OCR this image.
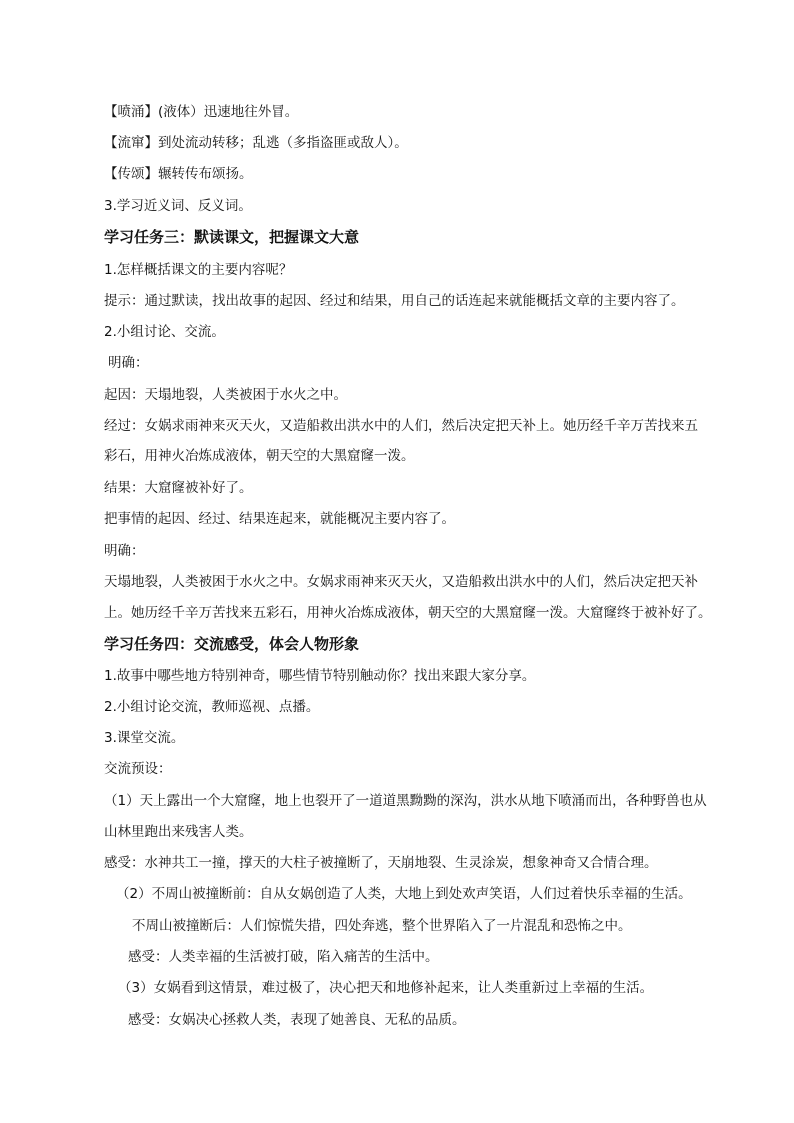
【喷涌】(液体）迅速地往外冒。
【流窜】到处流动转移；乱逃（多指盗匪或敌人）。
【传颂】辗转传布颂扬。
3.学习近义词、反义词。
学习任务三：默读课文，把握课文大意
1.怎样概括课文的主要内容呢？
提示：通过默读，找出故事的起因、经过和结果，用自己的话连起来就能概括文章的主要内容了。
2.小组讨论、交流。
明确：
起因：天塌地裂，人类被困于水火之中。
经过：女娲求雨神来灭天火，又造船救出洪水中的人们，然后决定把天补上。她历经千辛万苦找来五
彩石，用神火冶炼成液体，朝天空的大黑窟窿一泼。
结果：大窟窿被补好了。
把事情的起因、经过、结果连起来，就能概况主要内容了。
明确：
天塌地裂，人类被困于水火之中。女娲求雨神来灭天火，又造船救出洪水中的人们，然后决定把天补
上。她历经千辛万苦找来五彩石，用神火冶炼成液体，朝天空的大黑窟窿一泼。大窟窿终于被补好了。
学习任务四：交流感受，体会人物形象
1.故事中哪些地方特别神奇，哪些情节特别触动你？找出来跟大家分享。
2.小组讨论交流，教师巡视、点播。
3.课堂交流。
交流预设：
（1）天上露出一个大窟窿，地上也裂开了一道道黑黝黝的深沟，洪水从地下喷涌而出，各种野兽也从
山林里跑出来残害人类。
感受：水神共工一撞，撑天的大柱子被撞断了，天崩地裂、生灵涂炭，想象神奇又合情合理。
（2）不周山被撞断前：自从女娲创造了人类，大地上到处欢声笑语，人们过着快乐幸福的生活。
不周山被撞断后：人们惊慌失措，四处奔逃，整个世界陷入了一片混乱和恐怖之中。
感受：人类幸福的生活被打破，陷入痛苦的生活中。
（3）女娲看到这情景，难过极了，决心把天和地修补起来，让人类重新过上幸福的生活。
感受：女娲决心拯救人类，表现了她善良、无私的品质。
